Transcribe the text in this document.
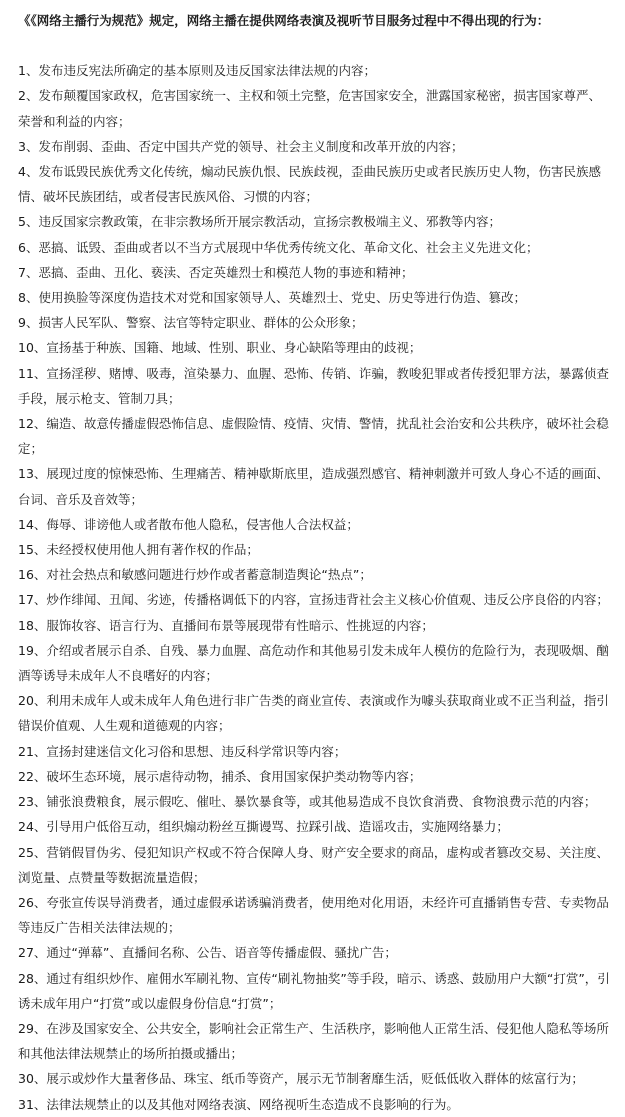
《《网络主播行为规范》规定，网络主播在提供网络表演及视听节目服务过程中不得出现的行为：
1、发布违反宪法所确定的基本原则及违反国家法律法规的内容；
2、发布颠覆国家政权，危害国家统一、主权和领土完整，危害国家安全，泄露国家秘密，损害国家尊严、荣誉和利益的内容；
3、发布削弱、歪曲、否定中国共产党的领导、社会主义制度和改革开放的内容；
4、发布诋毁民族优秀文化传统，煽动民族仇恨、民族歧视，歪曲民族历史或者民族历史人物，伤害民族感情、破坏民族团结，或者侵害民族风俗、习惯的内容；
5、违反国家宗教政策，在非宗教场所开展宗教活动，宣扬宗教极端主义、邪教等内容；
6、恶搞、诋毁、歪曲或者以不当方式展现中华优秀传统文化、革命文化、社会主义先进文化；
7、恶搞、歪曲、丑化、亵渎、否定英雄烈士和模范人物的事迹和精神；
8、使用换脸等深度伪造技术对党和国家领导人、英雄烈士、党史、历史等进行伪造、篡改；
9、损害人民军队、警察、法官等特定职业、群体的公众形象；
10、宣扬基于种族、国籍、地域、性别、职业、身心缺陷等理由的歧视；
11、宣扬淫秽、赌博、吸毒，渲染暴力、血腥、恐怖、传销、诈骗，教唆犯罪或者传授犯罪方法，暴露侦查手段，展示枪支、管制刀具；
12、编造、故意传播虚假恐怖信息、虚假险情、疫情、灾情、警情，扰乱社会治安和公共秩序，破坏社会稳定；
13、展现过度的惊悚恐怖、生理痛苦、精神歇斯底里，造成强烈感官、精神刺激并可致人身心不适的画面、台词、音乐及音效等；
14、侮辱、诽谤他人或者散布他人隐私，侵害他人合法权益；
15、未经授权使用他人拥有著作权的作品；
16、对社会热点和敏感问题进行炒作或者蓄意制造舆论“热点”；
17、炒作绯闻、丑闻、劣迹，传播格调低下的内容，宣扬违背社会主义核心价值观、违反公序良俗的内容；
18、服饰妆容、语言行为、直播间布景等展现带有性暗示、性挑逗的内容；
19、介绍或者展示自杀、自残、暴力血腥、高危动作和其他易引发未成年人模仿的危险行为，表现吸烟、酗酒等诱导未成年人不良嗜好的内容；
20、利用未成年人或未成年人角色进行非广告类的商业宣传、表演或作为噱头获取商业或不正当利益，指引错误价值观、人生观和道德观的内容；
21、宣扬封建迷信文化习俗和思想、违反科学常识等内容；
22、破坏生态环境，展示虐待动物，捕杀、食用国家保护类动物等内容；
23、铺张浪费粮食，展示假吃、催吐、暴饮暴食等，或其他易造成不良饮食消费、食物浪费示范的内容；
24、引导用户低俗互动，组织煽动粉丝互撕谩骂、拉踩引战、造谣攻击，实施网络暴力；
25、营销假冒伪劣、侵犯知识产权或不符合保障人身、财产安全要求的商品，虚构或者篡改交易、关注度、浏览量、点赞量等数据流量造假；
26、夸张宣传误导消费者，通过虚假承诺诱骗消费者，使用绝对化用语，未经许可直播销售专营、专卖物品等违反广告相关法律法规的；
27、通过“弹幕”、直播间名称、公告、语音等传播虚假、骚扰广告；
28、通过有组织炒作、雇佣水军刷礼物、宣传“刷礼物抽奖”等手段，暗示、诱惑、鼓励用户大额“打赏”，引诱未成年用户“打赏”或以虚假身份信息“打赏”；
29、在涉及国家安全、公共安全，影响社会正常生产、生活秩序，影响他人正常生活、侵犯他人隐私等场所和其他法律法规禁止的场所拍摄或播出；
30、展示或炒作大量奢侈品、珠宝、纸币等资产，展示无节制奢靡生活，贬低低收入群体的炫富行为；
31、法律法规禁止的以及其他对网络表演、网络视听生态造成不良影响的行为。
